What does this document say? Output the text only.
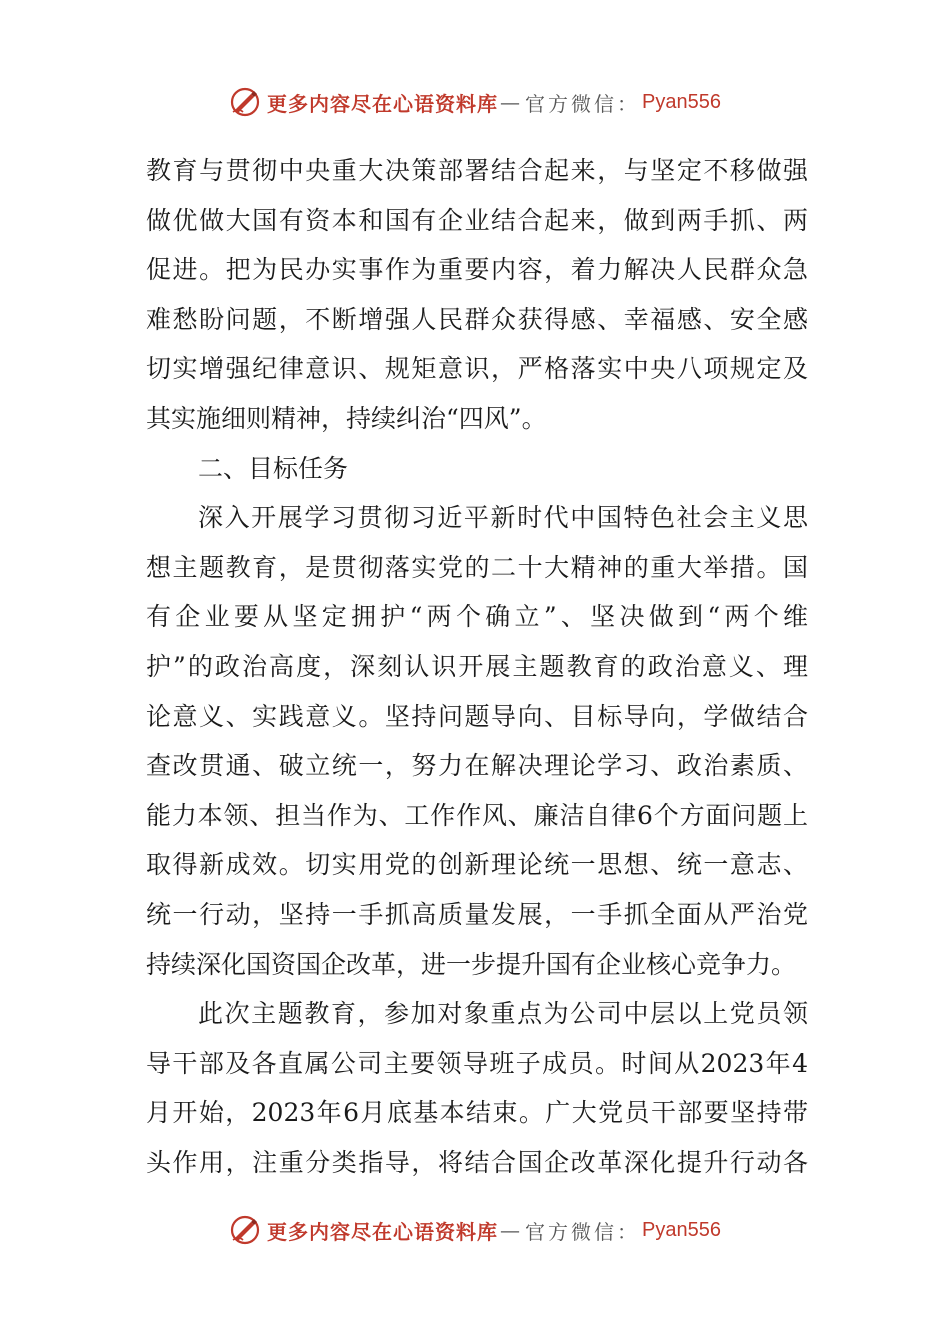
更多内容尽在心语资料库 — 官方微信： Pyan556
教育与贯彻中央重大决策部署结合起来，与坚定不移做强
做优做大国有资本和国有企业结合起来，做到两手抓、两
促进。把为民办实事作为重要内容，着力解决人民群众急
难愁盼问题，不断增强人民群众获得感、幸福感、安全感
切实增强纪律意识、规矩意识，严格落实中央八项规定及
其实施细则精神，持续纠治“四风”。
二、目标任务
深入开展学习贯彻习近平新时代中国特色社会主义思
想主题教育，是贯彻落实党的二十大精神的重大举措。国
有企业要从坚定拥护“两个确立”、坚决做到“两个维
护”的政治高度，深刻认识开展主题教育的政治意义、理
论意义、实践意义。坚持问题导向、目标导向，学做结合
查改贯通、破立统一，努力在解决理论学习、政治素质、
能力本领、担当作为、工作作风、廉洁自律6个方面问题上
取得新成效。切实用党的创新理论统一思想、统一意志、
统一行动，坚持一手抓高质量发展，一手抓全面从严治党
持续深化国资国企改革，进一步提升国有企业核心竞争力。
此次主题教育，参加对象重点为公司中层以上党员领
导干部及各直属公司主要领导班子成员。时间从2023年4
月开始，2023年6月底基本结束。广大党员干部要坚持带
头作用，注重分类指导，将结合国企改革深化提升行动各
更多内容尽在心语资料库 — 官方微信： Pyan556
